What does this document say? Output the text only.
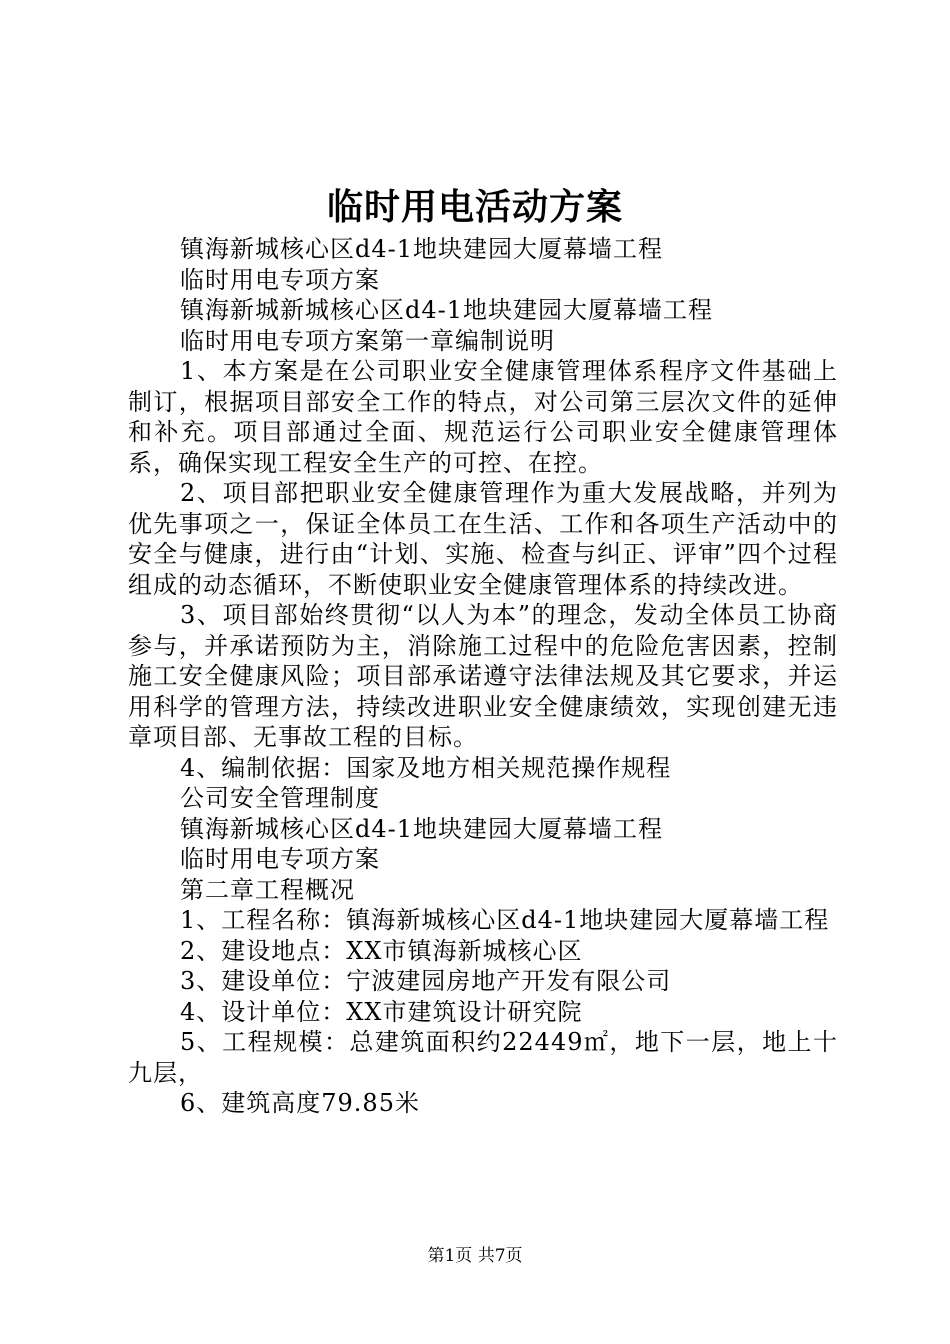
临时用电活动方案

镇海新城核心区d4-1地块建园大厦幕墙工程

临时用电专项方案

镇海新城新城核心区d4-1地块建园大厦幕墙工程

临时用电专项方案第一章编制说明

1、本方案是在公司职业安全健康管理体系程序文件基础上制订，根据项目部安全工作的特点，对公司第三层次文件的延伸和补充。项目部通过全面、规范运行公司职业安全健康管理体系，确保实现工程安全生产的可控、在控。

2、项目部把职业安全健康管理作为重大发展战略，并列为优先事项之一，保证全体员工在生活、工作和各项生产活动中的安全与健康，进行由“计划、实施、检查与纠正、评审”四个过程组成的动态循环，不断使职业安全健康管理体系的持续改进。

3、项目部始终贯彻“以人为本”的理念，发动全体员工协商参与，并承诺预防为主，消除施工过程中的危险危害因素，控制施工安全健康风险；项目部承诺遵守法律法规及其它要求，并运用科学的管理方法，持续改进职业安全健康绩效，实现创建无违章项目部、无事故工程的目标。

4、编制依据：国家及地方相关规范操作规程

公司安全管理制度

镇海新城核心区d4-1地块建园大厦幕墙工程

临时用电专项方案

第二章工程概况

1、工程名称：镇海新城核心区d4-1地块建园大厦幕墙工程

2、建设地点：XX市镇海新城核心区

3、建设单位：宁波建园房地产开发有限公司

4、设计单位：XX市建筑设计研究院

5、工程规模：总建筑面积约22449㎡，地下一层，地上十九层，

6、建筑高度79.85米

第1页 共7页
